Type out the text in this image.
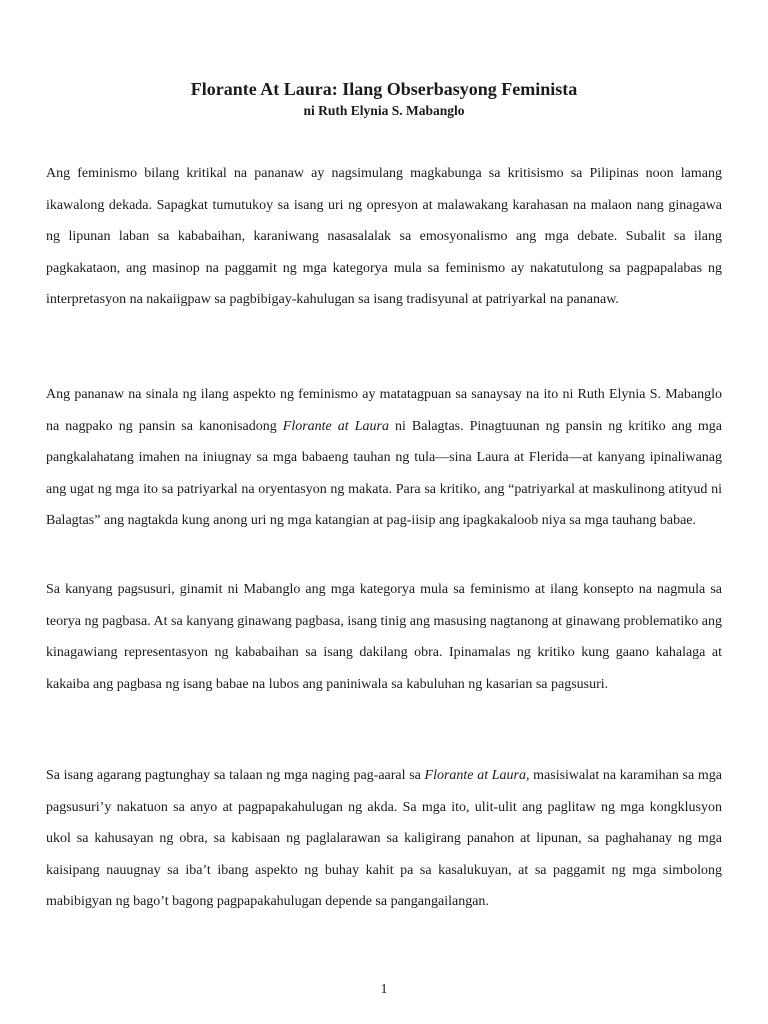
Florante At Laura: Ilang Obserbasyong Feminista
ni Ruth Elynia S. Mabanglo

Ang feminismo bilang kritikal na pananaw ay nagsimulang magkabunga sa kritisismo sa Pilipinas noon lamang ikawalong dekada. Sapagkat tumutukoy sa isang uri ng opresyon at malawakang karahasan na malaon nang ginagawa ng lipunan laban sa kababaihan, karaniwang nasasalalak sa emosyonalismo ang mga debate. Subalit sa ilang pagkakataon, ang masinop na paggamit ng mga kategorya mula sa feminismo ay nakatutulong sa pagpapalabas ng interpretasyon na nakaiigpaw sa pagbibigay-kahulugan sa isang tradisyunal at patriyarkal na pananaw.

Ang pananaw na sinala ng ilang aspekto ng feminismo ay matatagpuan sa sanaysay na ito ni Ruth Elynia S. Mabanglo na nagpako ng pansin sa kanonisadong Florante at Laura ni Balagtas. Pinagtuunan ng pansin ng kritiko ang mga pangkalahatang imahen na iniugnay sa mga babaeng tauhan ng tula—sina Laura at Flerida—at kanyang ipinaliwanag ang ugat ng mga ito sa patriyarkal na oryentasyon ng makata. Para sa kritiko, ang “patriyarkal at maskulinong atityud ni Balagtas” ang nagtakda kung anong uri ng mga katangian at pag-iisip ang ipagkakaloob niya sa mga tauhang babae.

Sa kanyang pagsusuri, ginamit ni Mabanglo ang mga kategorya mula sa feminismo at ilang konsepto na nagmula sa teorya ng pagbasa. At sa kanyang ginawang pagbasa, isang tinig ang masusing nagtanong at ginawang problematiko ang kinagawiang representasyon ng kababaihan sa isang dakilang obra. Ipinamalas ng kritiko kung gaano kahalaga at kakaiba ang pagbasa ng isang babae na lubos ang paniniwala sa kabuluhan ng kasarian sa pagsusuri.

Sa isang agarang pagtunghay sa talaan ng mga naging pag-aaral sa Florante at Laura, masisiwalat na karamihan sa mga pagsusuri’y nakatuon sa anyo at pagpapakahulugan ng akda. Sa mga ito, ulit-ulit ang paglitaw ng mga kongklusyon ukol sa kahusayan ng obra, sa kabisaan ng paglalarawan sa kaligirang panahon at lipunan, sa paghahanay ng mga kaisipang nauugnay sa iba’t ibang aspekto ng buhay kahit pa sa kasalukuyan, at sa paggamit ng mga simbolong mabibigyan ng bago’t bagong pagpapakahulugan depende sa pangangailangan.

1
